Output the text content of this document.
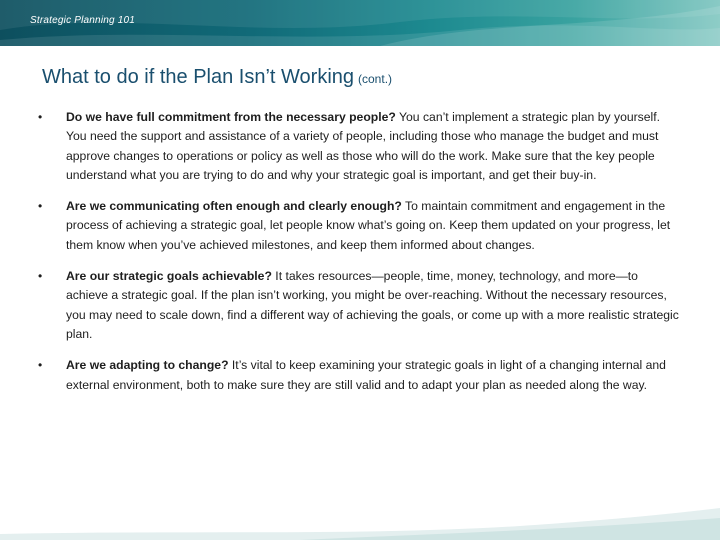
Strategic Planning 101
What to do if the Plan Isn’t Working (cont.)
• Do we have full commitment from the necessary people? You can’t implement a strategic plan by yourself. You need the support and assistance of a variety of people, including those who manage the budget and must approve changes to operations or policy as well as those who will do the work. Make sure that the key people understand what you are trying to do and why your strategic goal is important, and get their buy-in.
• Are we communicating often enough and clearly enough? To maintain commitment and engagement in the process of achieving a strategic goal, let people know what’s going on. Keep them updated on your progress, let them know when you’ve achieved milestones, and keep them informed about changes.
• Are our strategic goals achievable? It takes resources—people, time, money, technology, and more—to achieve a strategic goal. If the plan isn’t working, you might be over-reaching. Without the necessary resources, you may need to scale down, find a different way of achieving the goals, or come up with a more realistic strategic plan.
• Are we adapting to change? It’s vital to keep examining your strategic goals in light of a changing internal and external environment, both to make sure they are still valid and to adapt your plan as needed along the way.
